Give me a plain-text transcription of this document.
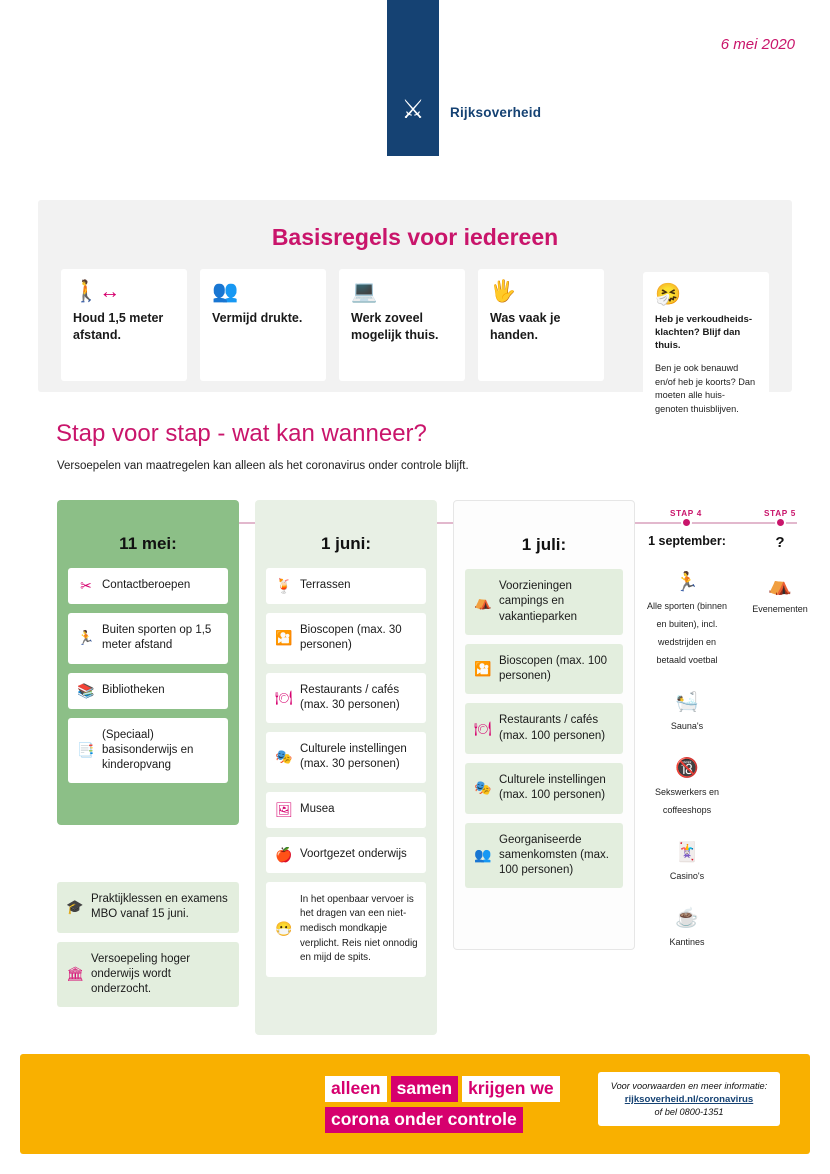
⚔	Rijksoverheid
6 mei 2020
Basisregels voor iedereen
🚶↔
Houd 1,5 meter afstand.
👥
Vermijd drukte.
💻
Werk zoveel mogelijk thuis.
🖐
Was vaak je handen.
🤧
Heb je verkoudheids-klachten? Blijf dan thuis.
Ben je ook benauwd en/of heb je koorts? Dan moeten alle huis-genoten thuisblijven.
Stap voor stap - wat kan wanneer?
Versoepelen van maatregelen kan alleen als het coronavirus onder controle blijft.
STAP 4	STAP 5
11 mei:
✂ Contactberoepen
🏃 Buiten sporten op 1,5 meter afstand
📚 Bibliotheken
📑
(Speciaal) basisonderwijs en kinderopvang
🎓 Praktijklessen en examens MBO vanaf 15 juni.
🏛
Versoepeling hoger onderwijs wordt onderzocht.
1 juni:
🍹 Terrassen
🎦 Bioscopen (max. 30 personen)
🍽 Restaurants / cafés (max. 30 personen)
🎭 Culturele instellingen (max. 30 personen)
🖼 Musea
🍎 Voortgezet onderwijs
😷
In het openbaar vervoer is het dragen van een niet-medisch mondkapje verplicht. Reis niet onnodig en mijd de spits.
1 juli:
⛺
Voorzieningen campings en vakantieparken
🎦 Bioscopen (max. 100 personen)
🍽 Restaurants / cafés (max. 100 personen)
🎭 Culturele instellingen (max. 100 personen)
👥
Georganiseerde samenkomsten (max. 100 personen)
1 september:
🏃
Alle sporten (binnen en buiten), incl. wedstrijden en betaald voetbal
🛀
Sauna's
🔞
Sekswerkers en coffeeshops
🃏
Casino's
☕
Kantines
?
⛺
Evenementen
alleen samen krijgen we
corona onder controle
Voor voorwaarden en meer informatie:
rijksoverheid.nl/coronavirus
of bel 0800-1351
